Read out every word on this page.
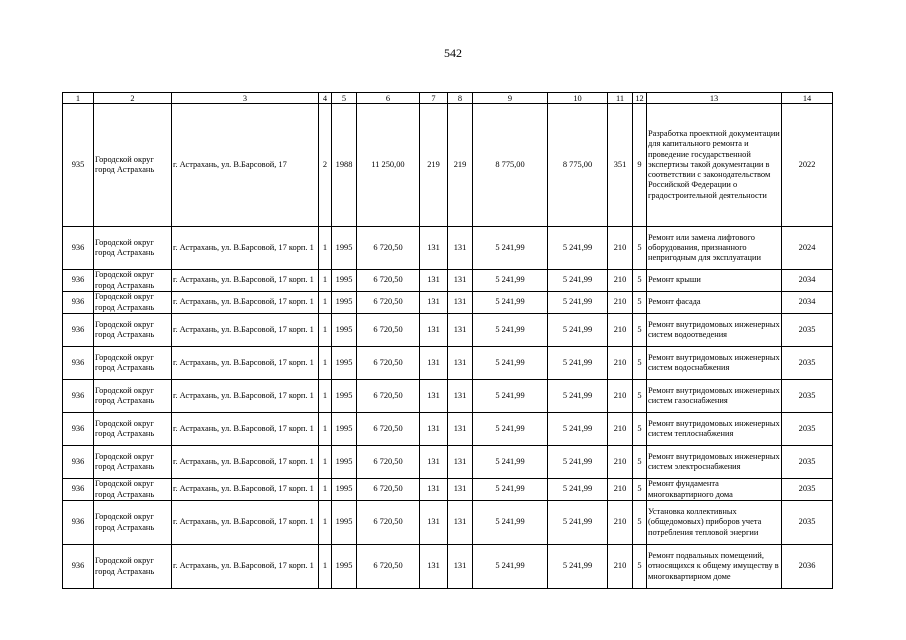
542
1	2	3	4	5	6	7	8	9	10	11	12	13	14

935	Городской округ город Астрахань	г. Астрахань, ул. В.Барсовой, 17	2	1988	11 250,00	219	219	8 775,00	8 775,00	351	9	Разработка проектной документации для капитального ремонта и проведение государственной экспертизы такой документации в соответствии с законодательством Российской Федерации о градостроительной деятельности	2022

936	Городской округ город Астрахань	г. Астрахань, ул. В.Барсовой, 17 корп. 1	1	1995	6 720,50	131	131	5 241,99	5 241,99	210	5	Ремонт или замена лифтового оборудования, признанного непригодным для эксплуатации	2024

936	Городской округ город Астрахань	г. Астрахань, ул. В.Барсовой, 17 корп. 1	1	1995	6 720,50	131	131	5 241,99	5 241,99	210	5	Ремонт крыши	2034

936	Городской округ город Астрахань	г. Астрахань, ул. В.Барсовой, 17 корп. 1	1	1995	6 720,50	131	131	5 241,99	5 241,99	210	5	Ремонт фасада	2034

936	Городской округ город Астрахань	г. Астрахань, ул. В.Барсовой, 17 корп. 1	1	1995	6 720,50	131	131	5 241,99	5 241,99	210	5	Ремонт внутридомовых инженерных систем водоотведения	2035

936	Городской округ город Астрахань	г. Астрахань, ул. В.Барсовой, 17 корп. 1	1	1995	6 720,50	131	131	5 241,99	5 241,99	210	5	Ремонт внутридомовых инженерных систем водоснабжения	2035

936	Городской округ город Астрахань	г. Астрахань, ул. В.Барсовой, 17 корп. 1	1	1995	6 720,50	131	131	5 241,99	5 241,99	210	5	Ремонт внутридомовых инженерных систем газоснабжения	2035

936	Городской округ город Астрахань	г. Астрахань, ул. В.Барсовой, 17 корп. 1	1	1995	6 720,50	131	131	5 241,99	5 241,99	210	5	Ремонт внутридомовых инженерных систем теплоснабжения	2035

936	Городской округ город Астрахань	г. Астрахань, ул. В.Барсовой, 17 корп. 1	1	1995	6 720,50	131	131	5 241,99	5 241,99	210	5	Ремонт внутридомовых инженерных систем электроснабжения	2035

936	Городской округ город Астрахань	г. Астрахань, ул. В.Барсовой, 17 корп. 1	1	1995	6 720,50	131	131	5 241,99	5 241,99	210	5	Ремонт фундамента многоквартирного дома	2035

936	Городской округ город Астрахань	г. Астрахань, ул. В.Барсовой, 17 корп. 1	1	1995	6 720,50	131	131	5 241,99	5 241,99	210	5	Установка коллективных (общедомовых) приборов учета потребления тепловой энергии	2035

936	Городской округ город Астрахань	г. Астрахань, ул. В.Барсовой, 17 корп. 1	1	1995	6 720,50	131	131	5 241,99	5 241,99	210	5	Ремонт подвальных помещений, относящихся к общему имуществу в многоквартирном доме	2036
